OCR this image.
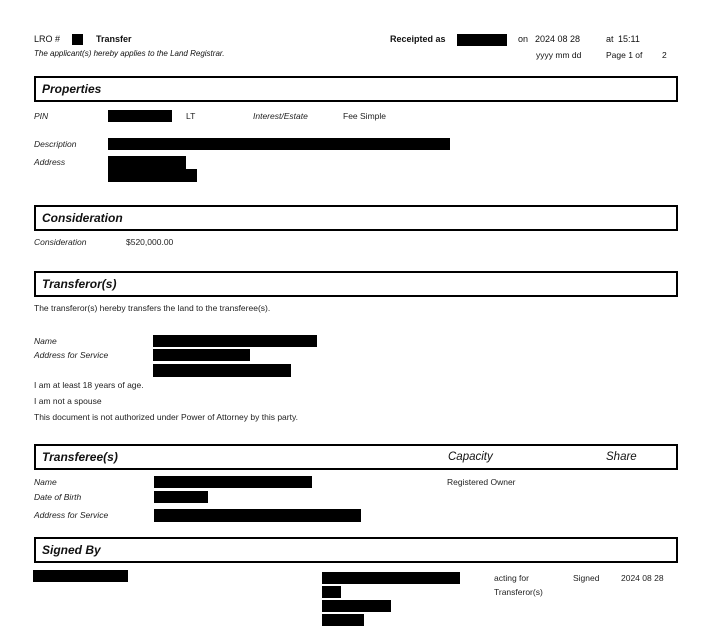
LRO #	Transfer	Receipted as	on 2024 08 28	at 15:11
The applicant(s) hereby applies to the Land Registrar.	yyyy mm dd	Page 1 of 2
Properties
PIN	LT	Interest/Estate	Fee Simple
Description
Address
Consideration
Consideration	$520,000.00
Transferor(s)
The transferor(s) hereby transfers the land to the transferee(s).
Name
Address for Service
I am at least 18 years of age.
I am not a spouse
This document is not authorized under Power of Attorney by this party.
Transferee(s)	Capacity	Share
Name	Registered Owner
Date of Birth
Address for Service
Signed By
acting for
Transferor(s)
Signed	2024 08 28
